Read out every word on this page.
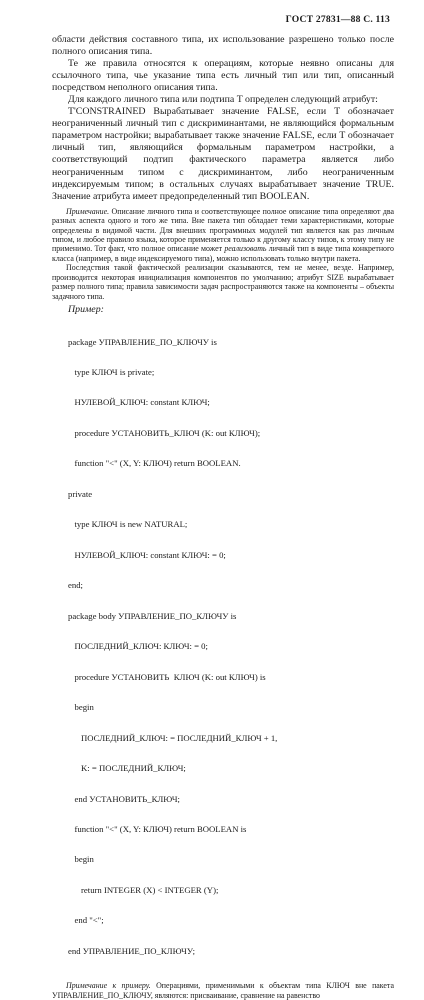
ГОСТ 27831—88 С. 113

области действия составного типа, их использование разрешено только после полного описания типа.

Те же правила относятся к операциям, которые неявно описаны для ссылочного типа, чье указание типа есть личный тип или тип, описанный посредством неполного описания типа.

Для каждого личного типа или подтипа T определен следующий атрибут:

T'CONSTRAINED Вырабатывает значение FALSE, если T обозначает неограниченный личный тип с дискриминантами, не являющийся формальным параметром настройки; вырабатывает также значение FALSE, если T обозначает личный тип, являющийся формальным параметром настройки, а соответствующий подтип фактического параметра является либо неограниченным типом с дискриминантом, либо неограниченным индексируемым типом; в остальных случаях вырабатывает значение TRUE. Значение атрибута имеет предопределенный тип BOOLEAN.

Примечание. Описание личного типа и соответствующее полное описание типа определяют два разных аспекта одного и того же типа. Вне пакета тип обладает теми характеристиками, которые определены в видимой части. Для внешних программных модулей тип является как раз личным типом, и любое правило языка, которое применяется только к другому классу типов, к этому типу не применимо. Тот факт, что полное описание может реализовать личный тип в виде типа конкретного класса (например, в виде индексируемого типа), можно использовать только внутри пакета.

Последствия такой фактической реализации сказываются, тем не менее, везде. Например, производится некоторая инициализация компонентов по умолчанию; атрибут SIZE вырабатывает размер полного типа; правила зависимости задач распространяются также на компоненты – объекты задачного типа.

Пример:

package УПРАВЛЕНИЕ_ПО_КЛЮЧУ is

type КЛЮЧ is private;

НУЛЕВОЙ_КЛЮЧ: constant КЛЮЧ;

procedure УСТАНОВИТЬ_КЛЮЧ (K: out КЛЮЧ);

function "<" (X, Y: КЛЮЧ) return BOOLEAN.

private

type КЛЮЧ is new NATURAL;

НУЛЕВОЙ_КЛЮЧ: constant КЛЮЧ: = 0;

end;

package body УПРАВЛЕНИЕ_ПО_КЛЮЧУ is

ПОСЛЕДНИЙ_КЛЮЧ: КЛЮЧ: = 0;

procedure УСТАНОВИТЬ  КЛЮЧ (K: out КЛЮЧ) is

begin

ПОСЛЕДНИЙ_КЛЮЧ: = ПОСЛЕДНИЙ_КЛЮЧ + 1,

K: = ПОСЛЕДНИЙ_КЛЮЧ;

end УСТАНОВИТЬ_КЛЮЧ;

function "<" (X, Y: КЛЮЧ) return BOOLEAN is

begin

return INTEGER (X) < INTEGER (Y);

end "<";

end УПРАВЛЕНИЕ_ПО_КЛЮЧУ;

Примечание к примеру. Операциями, применимыми к объектам типа КЛЮЧ вне пакета УПРАВЛЕНИЕ_ПО_КЛЮЧУ, являются: присваивание, сравнение на равенство
